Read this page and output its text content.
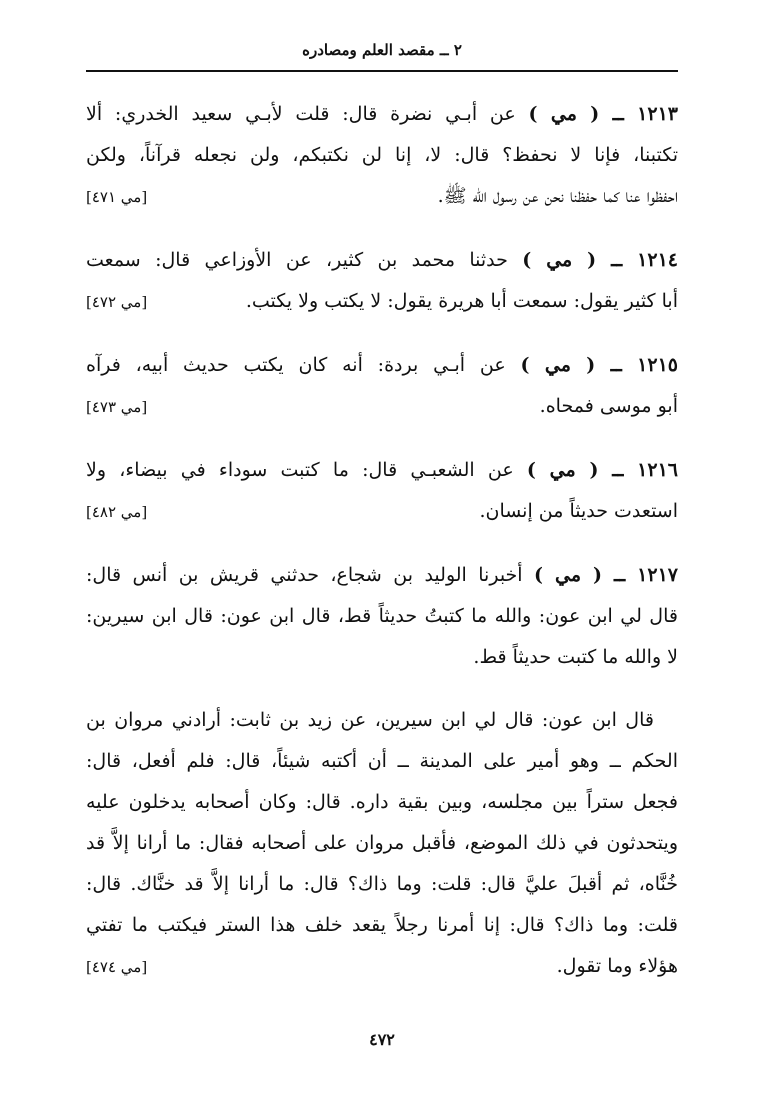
٢ ــ مقصد العلم ومصادره
١٢١٣ ــ ( مي ) عن أبـي نضرة قال: قلت لأبـي سعيد الخدري: ألا
تكتبنا، فإنا لا نحفظ؟ قال: لا، إنا لن نكتبكم، ولن نجعله قرآناً، ولكن
احفظوا عنا كما حفظنا نحن عن رسول الله ﷺ.
[مي ٤٧١]
١٢١٤ ــ ( مي ) حدثنا محمد بن كثير، عن الأوزاعي قال: سمعت
أبا كثير يقول: سمعت أبا هريرة يقول: لا يكتب ولا يكتب.
[مي ٤٧٢]
١٢١٥ ــ ( مي ) عن أبـي بردة: أنه كان يكتب حديث أبيه، فرآه
أبو موسى فمحاه.
[مي ٤٧٣]
١٢١٦ ــ ( مي ) عن الشعبـي قال: ما كتبت سوداء في بيضاء، ولا
استعدت حديثاً من إنسان.
[مي ٤٨٢]
١٢١٧ ــ ( مي ) أخبرنا الوليد بن شجاع، حدثني قريش بن أنس قال:
قال لي ابن عون: والله ما كتبتُ حديثاً قط، قال ابن عون: قال ابن سيرين:
لا والله ما كتبت حديثاً قط.
قال ابن عون: قال لي ابن سيرين، عن زيد بن ثابت: أرادني مروان بن
الحكم ــ وهو أمير على المدينة ــ أن أكتبه شيئاً، قال: فلم أفعل، قال:
فجعل ستراً بين مجلسه، وبين بقية داره. قال: وكان أصحابه يدخلون عليه
ويتحدثون في ذلك الموضع، فأقبل مروان على أصحابه فقال: ما أرانا إلاَّ قد
خُنَّاه، ثم أقبلَ عليَّ قال: قلت: وما ذاك؟ قال: ما أرانا إلاَّ قد خنَّاك. قال:
قلت: وما ذاك؟ قال: إنا أمرنا رجلاً يقعد خلف هذا الستر فيكتب ما تفتي
هؤلاء وما تقول.
[مي ٤٧٤]
٤٧٢
